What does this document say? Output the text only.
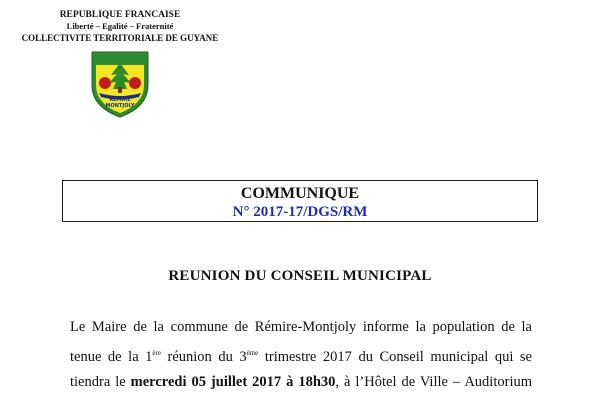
REPUBLIQUE FRANCAISE
Liberté – Egalité – Fraternité
COLLECTIVITE TERRITORIALE DE GUYANE
REMIRE
MONTJOLY
COMMUNIQUE
N° 2017-17/DGS/RM
REUNION DU CONSEIL MUNICIPAL
Le Maire de la commune de Rémire-Montjoly informe la population de la
tenue de la 1ère réunion du 3ème trimestre 2017 du Conseil municipal qui se
tiendra le mercredi 05 juillet 2017 à 18h30, à l’Hôtel de Ville – Auditorium
